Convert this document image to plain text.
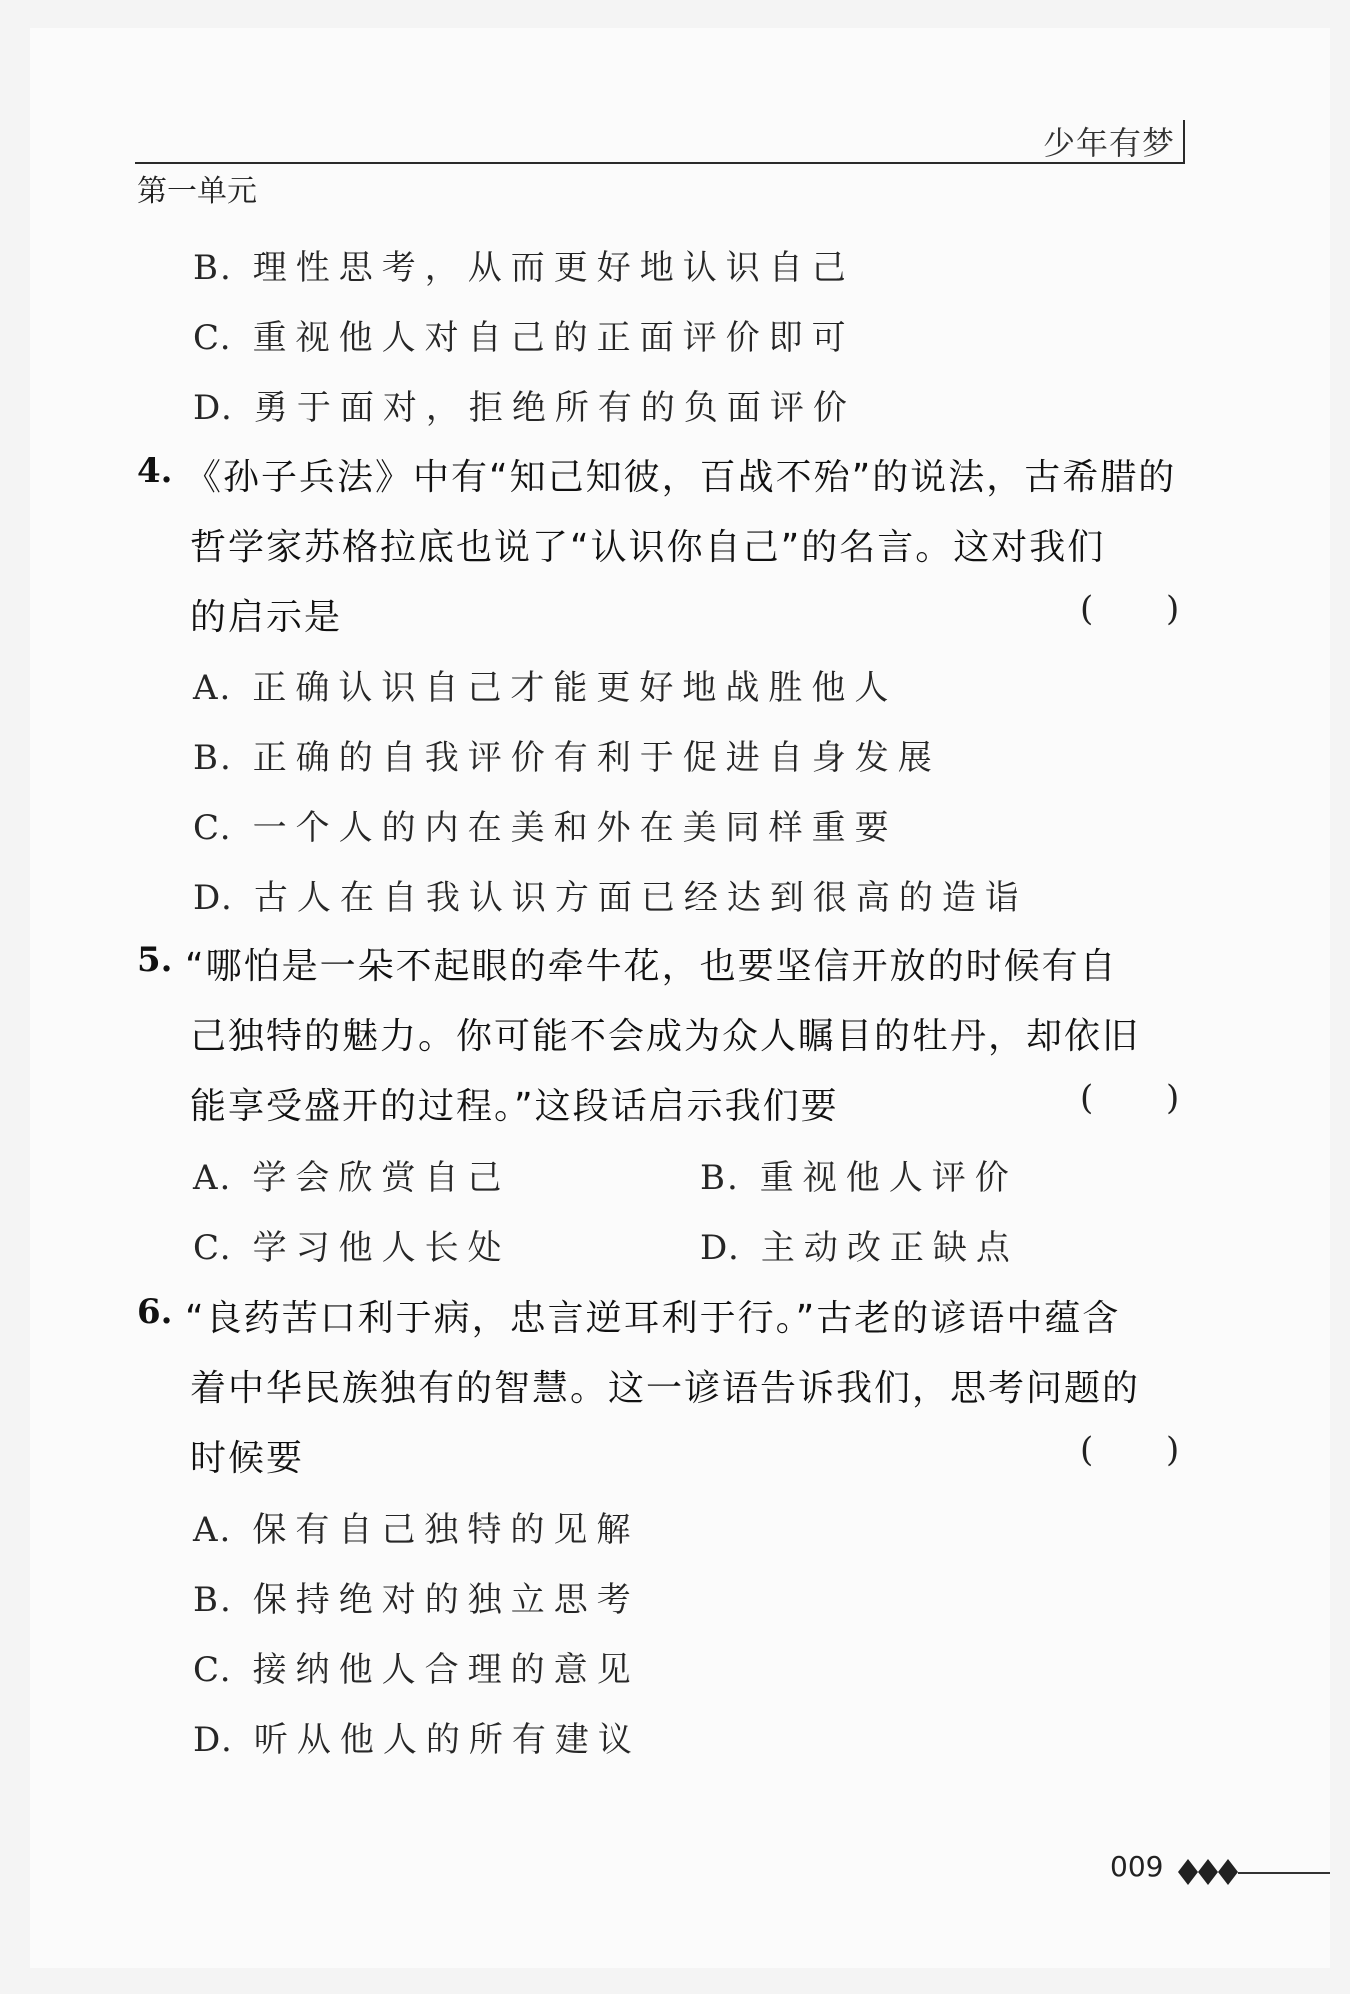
少年有梦
第一单元
B. 理性思考，从而更好地认识自己
C. 重视他人对自己的正面评价即可
D. 勇于面对，拒绝所有的负面评价
4. 《孙子兵法》中有“知己知彼，百战不殆”的说法，古希腊的
哲学家苏格拉底也说了“认识你自己”的名言。这对我们
的启示是	( )
A. 正确认识自己才能更好地战胜他人
B. 正确的自我评价有利于促进自身发展
C. 一个人的内在美和外在美同样重要
D. 古人在自我认识方面已经达到很高的造诣
5. “哪怕是一朵不起眼的牵牛花，也要坚信开放的时候有自
己独特的魅力。你可能不会成为众人瞩目的牡丹，却依旧
能享受盛开的过程。”这段话启示我们要	( )
A. 学会欣赏自己	B. 重视他人评价
C. 学习他人长处	D. 主动改正缺点
6. “良药苦口利于病，忠言逆耳利于行。”古老的谚语中蕴含
着中华民族独有的智慧。这一谚语告诉我们，思考问题的
时候要	( )
A. 保有自己独特的见解
B. 保持绝对的独立思考
C. 接纳他人合理的意见
D. 听从他人的所有建议
009
